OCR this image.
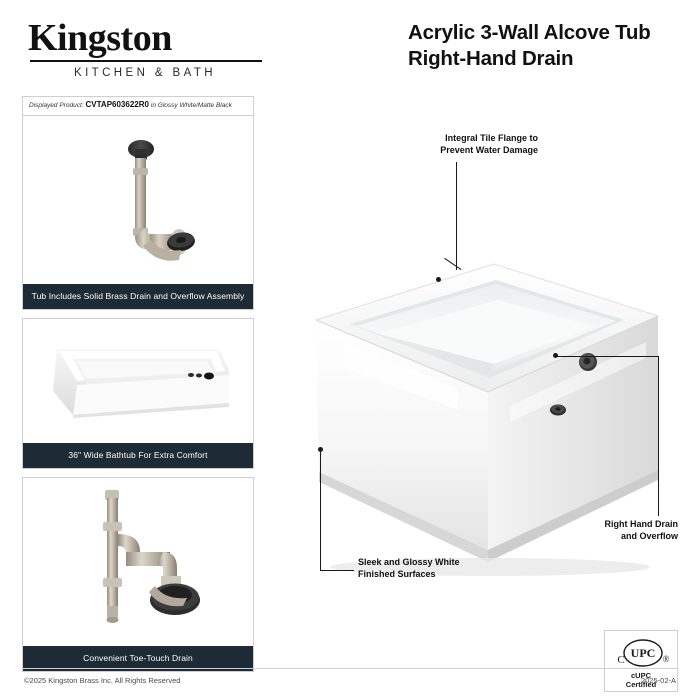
Kingston
KITCHEN & BATH
Acrylic 3-Wall Alcove Tub
Right-Hand Drain
Displayed Product: CVTAP603622R0 in Glossy White/Matte Black
Tub Includes Solid Brass Drain and Overflow Assembly
36" Wide Bathtub For Extra Comfort
Convenient Toe-Touch Drain
Integral Tile Flange to
Prevent Water Damage
Right Hand Drain
and Overflow
Sleek and Glossy White
Finished Surfaces
UPC
C	®
cUPC
Certified
©2025 Kingston Brass Inc. All Rights Reserved	2025-02-A
